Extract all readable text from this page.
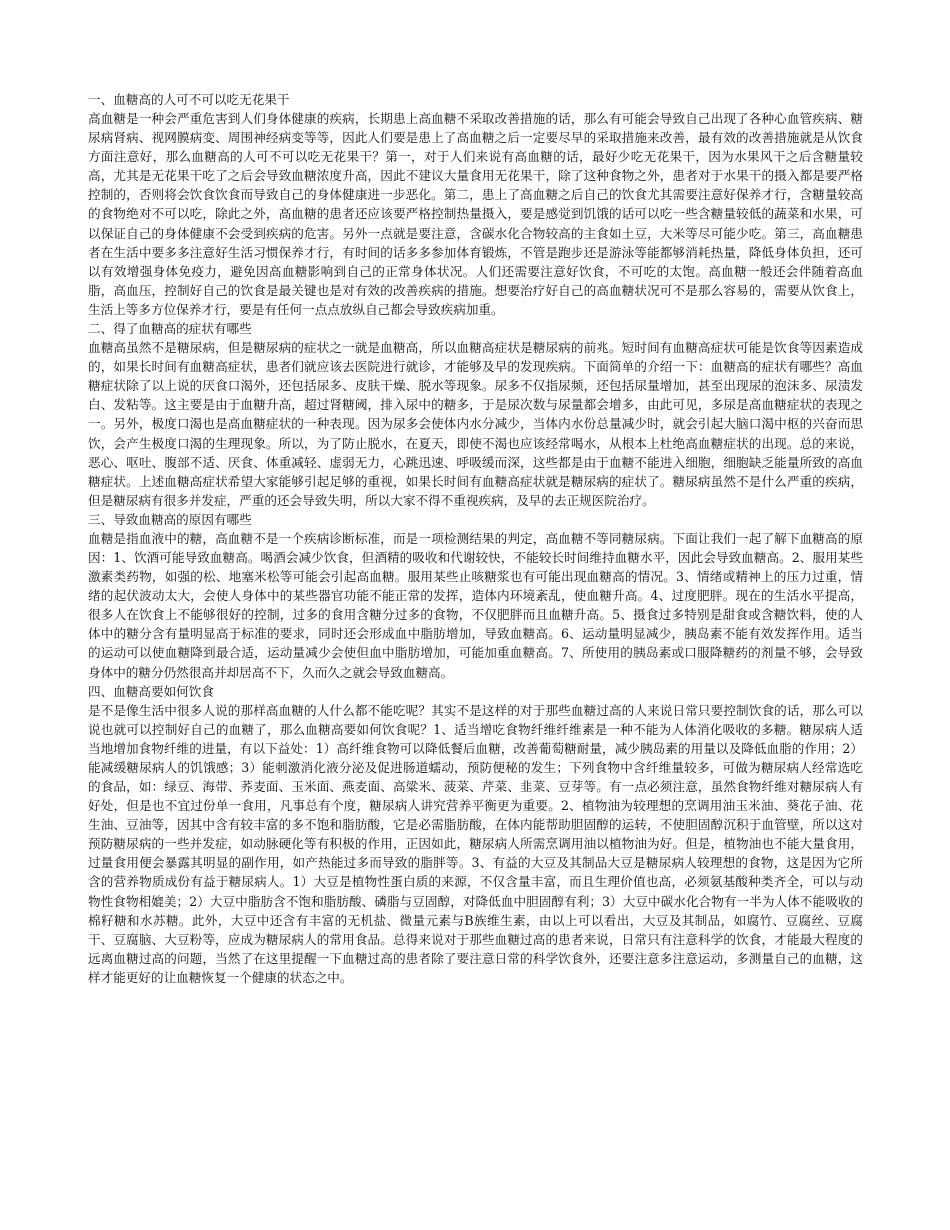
一、血糖高的人可不可以吃无花果干
高血糖是一种会严重危害到人们身体健康的疾病，长期患上高血糖不采取改善措施的话，那么有可能会导致自己出现了各种心血管疾病、糖尿病肾病、视网膜病变、周围神经病变等等，因此人们要是患上了高血糖之后一定要尽早的采取措施来改善，最有效的改善措施就是从饮食方面注意好，那么血糖高的人可不可以吃无花果干？第一，对于人们来说有高血糖的话，最好少吃无花果干，因为水果风干之后含糖量较高，尤其是无花果干吃了之后会导致血糖浓度升高，因此不建议大量食用无花果干，除了这种食物之外，患者对于水果干的摄入都是要严格控制的，否则将会饮食饮食而导致自己的身体健康进一步恶化。第二，患上了高血糖之后自己的饮食尤其需要注意好保养才行，含糖量较高的食物绝对不可以吃，除此之外，高血糖的患者还应该要严格控制热量摄入，要是感觉到饥饿的话可以吃一些含糖量较低的蔬菜和水果，可以保证自己的身体健康不会受到疾病的危害。另外一点就是要注意，含碳水化合物较高的主食如土豆，大米等尽可能少吃。第三，高血糖患者在生活中要多多注意好生活习惯保养才行，有时间的话多多参加体育锻炼，不管是跑步还是游泳等能都够消耗热量，降低身体负担，还可以有效增强身体免疫力，避免因高血糖影响到自己的正常身体状况。人们还需要注意好饮食，不可吃的太饱。高血糖一般还会伴随着高血脂，高血压，控制好自己的饮食是最关键也是对有效的改善疾病的措施。想要治疗好自己的高血糖状况可不是那么容易的，需要从饮食上，生活上等多方位保养才行，要是有任何一点点放纵自己都会导致疾病加重。
二、得了血糖高的症状有哪些
血糖高虽然不是糖尿病，但是糖尿病的症状之一就是血糖高，所以血糖高症状是糖尿病的前兆。短时间有血糖高症状可能是饮食等因素造成的，如果长时间有血糖高症状，患者们就应该去医院进行就诊，才能够及早的发现疾病。下面简单的介绍一下：血糖高的症状有哪些？高血糖症状除了以上说的厌食口渴外，还包括尿多、皮肤干燥、脱水等现象。尿多不仅指尿频，还包括尿量增加，甚至出现尿的泡沫多、尿渍发白、发粘等。这主要是由于血糖升高，超过肾糖阈，排入尿中的糖多，于是尿次数与尿量都会增多，由此可见，多尿是高血糖症状的表现之一。另外，极度口渴也是高血糖症状的一种表现。因为尿多会使体内水分减少，当体内水份总量减少时，就会引起大脑口渴中枢的兴奋而思饮，会产生极度口渴的生理现象。所以，为了防止脱水，在夏天，即使不渴也应该经常喝水，从根本上杜绝高血糖症状的出现。总的来说，恶心、呕吐、腹部不适、厌食、体重减轻、虚弱无力，心跳迅速、呼吸缓而深，这些都是由于血糖不能进入细胞，细胞缺乏能量所致的高血糖症状。上述血糖高症状希望大家能够引起足够的重视，如果长时间有血糖高症状就是糖尿病的症状了。糖尿病虽然不是什么严重的疾病，但是糖尿病有很多并发症，严重的还会导致失明，所以大家不得不重视疾病，及早的去正规医院治疗。
三、导致血糖高的原因有哪些
血糖是指血液中的糖，高血糖不是一个疾病诊断标准，而是一项检测结果的判定，高血糖不等同糖尿病。下面让我们一起了解下血糖高的原因：1、饮酒可能导致血糖高。喝酒会减少饮食，但酒精的吸收和代谢较快，不能较长时间维持血糖水平，因此会导致血糖高。2、服用某些激素类药物，如强的松、地塞米松等可能会引起高血糖。服用某些止咳糖浆也有可能出现血糖高的情况。3、情绪或精神上的压力过重，情绪的起伏波动太大，会使人身体中的某些器官功能不能正常的发挥，造体内环境紊乱，使血糖升高。4、过度肥胖。现在的生活水平提高，很多人在饮食上不能够很好的控制，过多的食用含糖分过多的食物，不仅肥胖而且血糖升高。5、摄食过多特别是甜食或含糖饮料，使的人体中的糖分含有量明显高于标准的要求，同时还会形成血中脂肪增加，导致血糖高。6、运动量明显减少，胰岛素不能有效发挥作用。适当的运动可以使血糖降到最合适，运动量减少会使但血中脂肪增加，可能加重血糖高。7、所使用的胰岛素或口服降糖药的剂量不够，会导致身体中的糖分仍然很高并却居高不下，久而久之就会导致血糖高。
四、血糖高要如何饮食
是不是像生活中很多人说的那样高血糖的人什么都不能吃呢？其实不是这样的对于那些血糖过高的人来说日常只要控制饮食的话，那么可以说也就可以控制好自己的血糖了，那么血糖高要如何饮食呢？1、适当增吃食物纤维纤维素是一种不能为人体消化吸收的多糖。糖尿病人适当地增加食物纤维的进量，有以下益处：1）高纤维食物可以降低餐后血糖，改善葡萄糖耐量，减少胰岛素的用量以及降低血脂的作用；2）能减缓糖尿病人的饥饿感；3）能刺激消化液分泌及促进肠道蠕动，预防便秘的发生；下列食物中含纤维量较多，可做为糖尿病人经常选吃的食品，如：绿豆、海带、荞麦面、玉米面、燕麦面、高粱米、菠菜、芹菜、韭菜、豆芽等。有一点必须注意，虽然食物纤维对糖尿病人有好处，但是也不宜过份单一食用，凡事总有个度，糖尿病人讲究营养平衡更为重要。2、植物油为较理想的烹调用油玉米油、葵花子油、花生油、豆油等，因其中含有较丰富的多不饱和脂肪酸，它是必需脂肪酸，在体内能帮助胆固醇的运转，不使胆固醇沉积于血管壁，所以这对预防糖尿病的一些并发症，如动脉硬化等有积极的作用，正因如此，糖尿病人所需烹调用油以植物油为好。但是，植物油也不能大量食用，过量食用便会暴露其明显的副作用，如产热能过多而导致的脂胖等。3、有益的大豆及其制品大豆是糖尿病人较理想的食物，这是因为它所含的营养物质成份有益于糖尿病人。1）大豆是植物性蛋白质的来源，不仅含量丰富，而且生理价值也高，必须氨基酸种类齐全，可以与动物性食物相媲美；2）大豆中脂肪含不饱和脂肪酸、磷脂与豆固醇，对降低血中胆固醇有利；3）大豆中碳水化合物有一半为人体不能吸收的棉籽糖和水苏糖。此外，大豆中还含有丰富的无机盐、微量元素与B族维生素，由以上可以看出，大豆及其制品，如腐竹、豆腐丝、豆腐干、豆腐脑、大豆粉等，应成为糖尿病人的常用食品。总得来说对于那些血糖过高的患者来说，日常只有注意科学的饮食，才能最大程度的远离血糖过高的问题，当然了在这里提醒一下血糖过高的患者除了要注意日常的科学饮食外，还要注意多注意运动，多测量自己的血糖，这样才能更好的让血糖恢复一个健康的状态之中。
